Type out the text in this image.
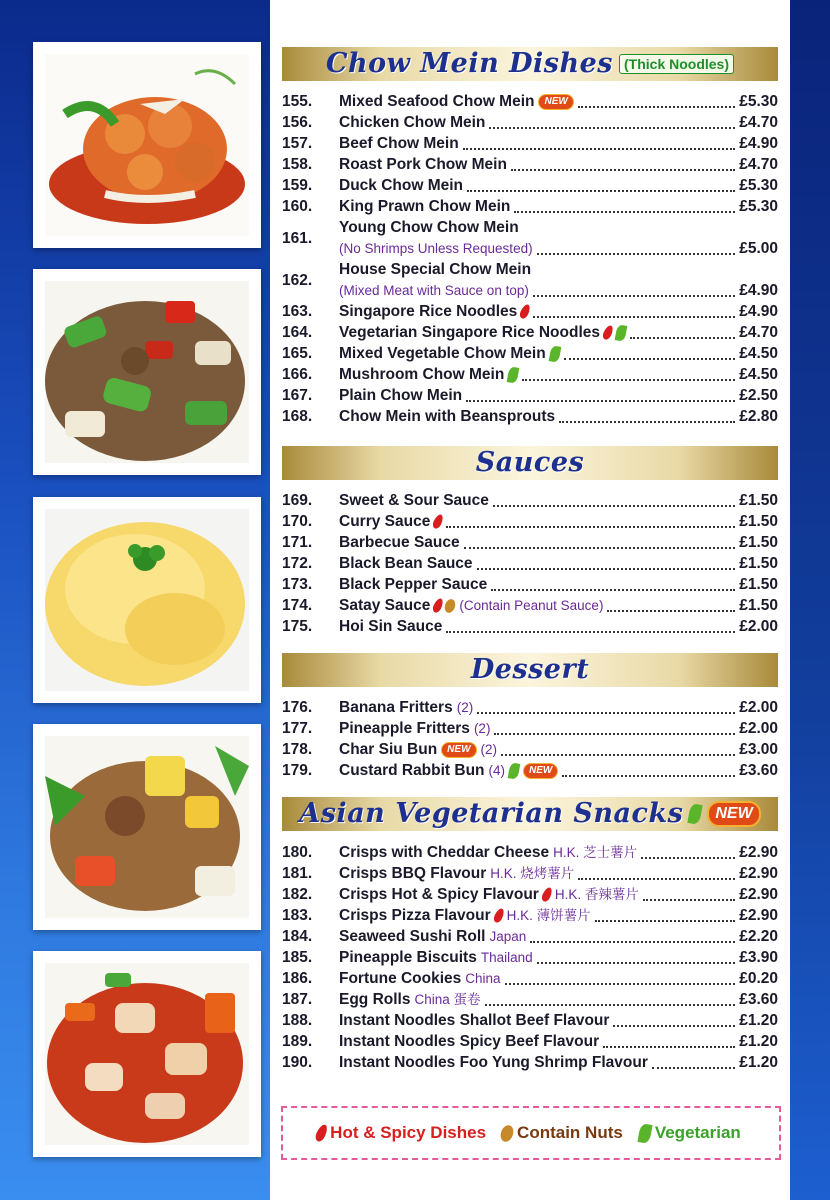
Chow Mein Dishes (Thick Noodles)
Sauces
Dessert
Asian Vegetarian Snacks NEW
155.	Mixed Seafood Chow Mein	NEW	£5.30
156.	Chicken Chow Mein	£4.70
157.	Beef Chow Mein	£4.90
158.	Roast Pork Chow Mein	£4.70
159.	Duck Chow Mein	£5.30
160.	King Prawn Chow Mein	£5.30
161.
Young Chow Chow Mein
(No Shrimps Unless Requested)	£5.00
162.
House Special Chow Mein
(Mixed Meat with Sauce on top)	£4.90
163.	Singapore Rice Noodles	£4.90
164.	Vegetarian Singapore Rice Noodles	£4.70
165.	Mixed Vegetable Chow Mein	£4.50
166.	Mushroom Chow Mein	£4.50
167.	Plain Chow Mein	£2.50
168.	Chow Mein with Beansprouts	£2.80
169.	Sweet & Sour Sauce	£1.50
170.	Curry Sauce	£1.50
171.	Barbecue Sauce	£1.50
172.	Black Bean Sauce	£1.50
173.	Black Pepper Sauce	£1.50
174.	Satay Sauce (Contain Peanut Sauce)	£1.50
175.	Hoi Sin Sauce	£2.00
176.	Banana Fritters (2)	£2.00
177.	Pineapple Fritters (2)	£2.00
178.	Char Siu Bun	NEW (2)	£3.00
179.	Custard Rabbit Bun (4)	NEW	£3.60
180.	Crisps with Cheddar Cheese H.K. 芝士薯片	£2.90
181.	Crisps BBQ Flavour H.K. 烧烤薯片	£2.90
182.	Crisps Hot & Spicy Flavour H.K. 香辣薯片	£2.90
183.	Crisps Pizza Flavour H.K. 薄饼薯片	£2.90
184.	Seaweed Sushi Roll Japan	£2.20
185.	Pineapple Biscuits Thailand	£3.90
186.	Fortune Cookies China	£0.20
187.	Egg Rolls China 蛋卷	£3.60
188.	Instant Noodles Shallot Beef Flavour	£1.20
189.	Instant Noodles Spicy Beef Flavour	£1.20
190.	Instant Noodles Foo Yung Shrimp Flavour	£1.20
Hot & Spicy Dishes Contain Nuts Vegetarian
